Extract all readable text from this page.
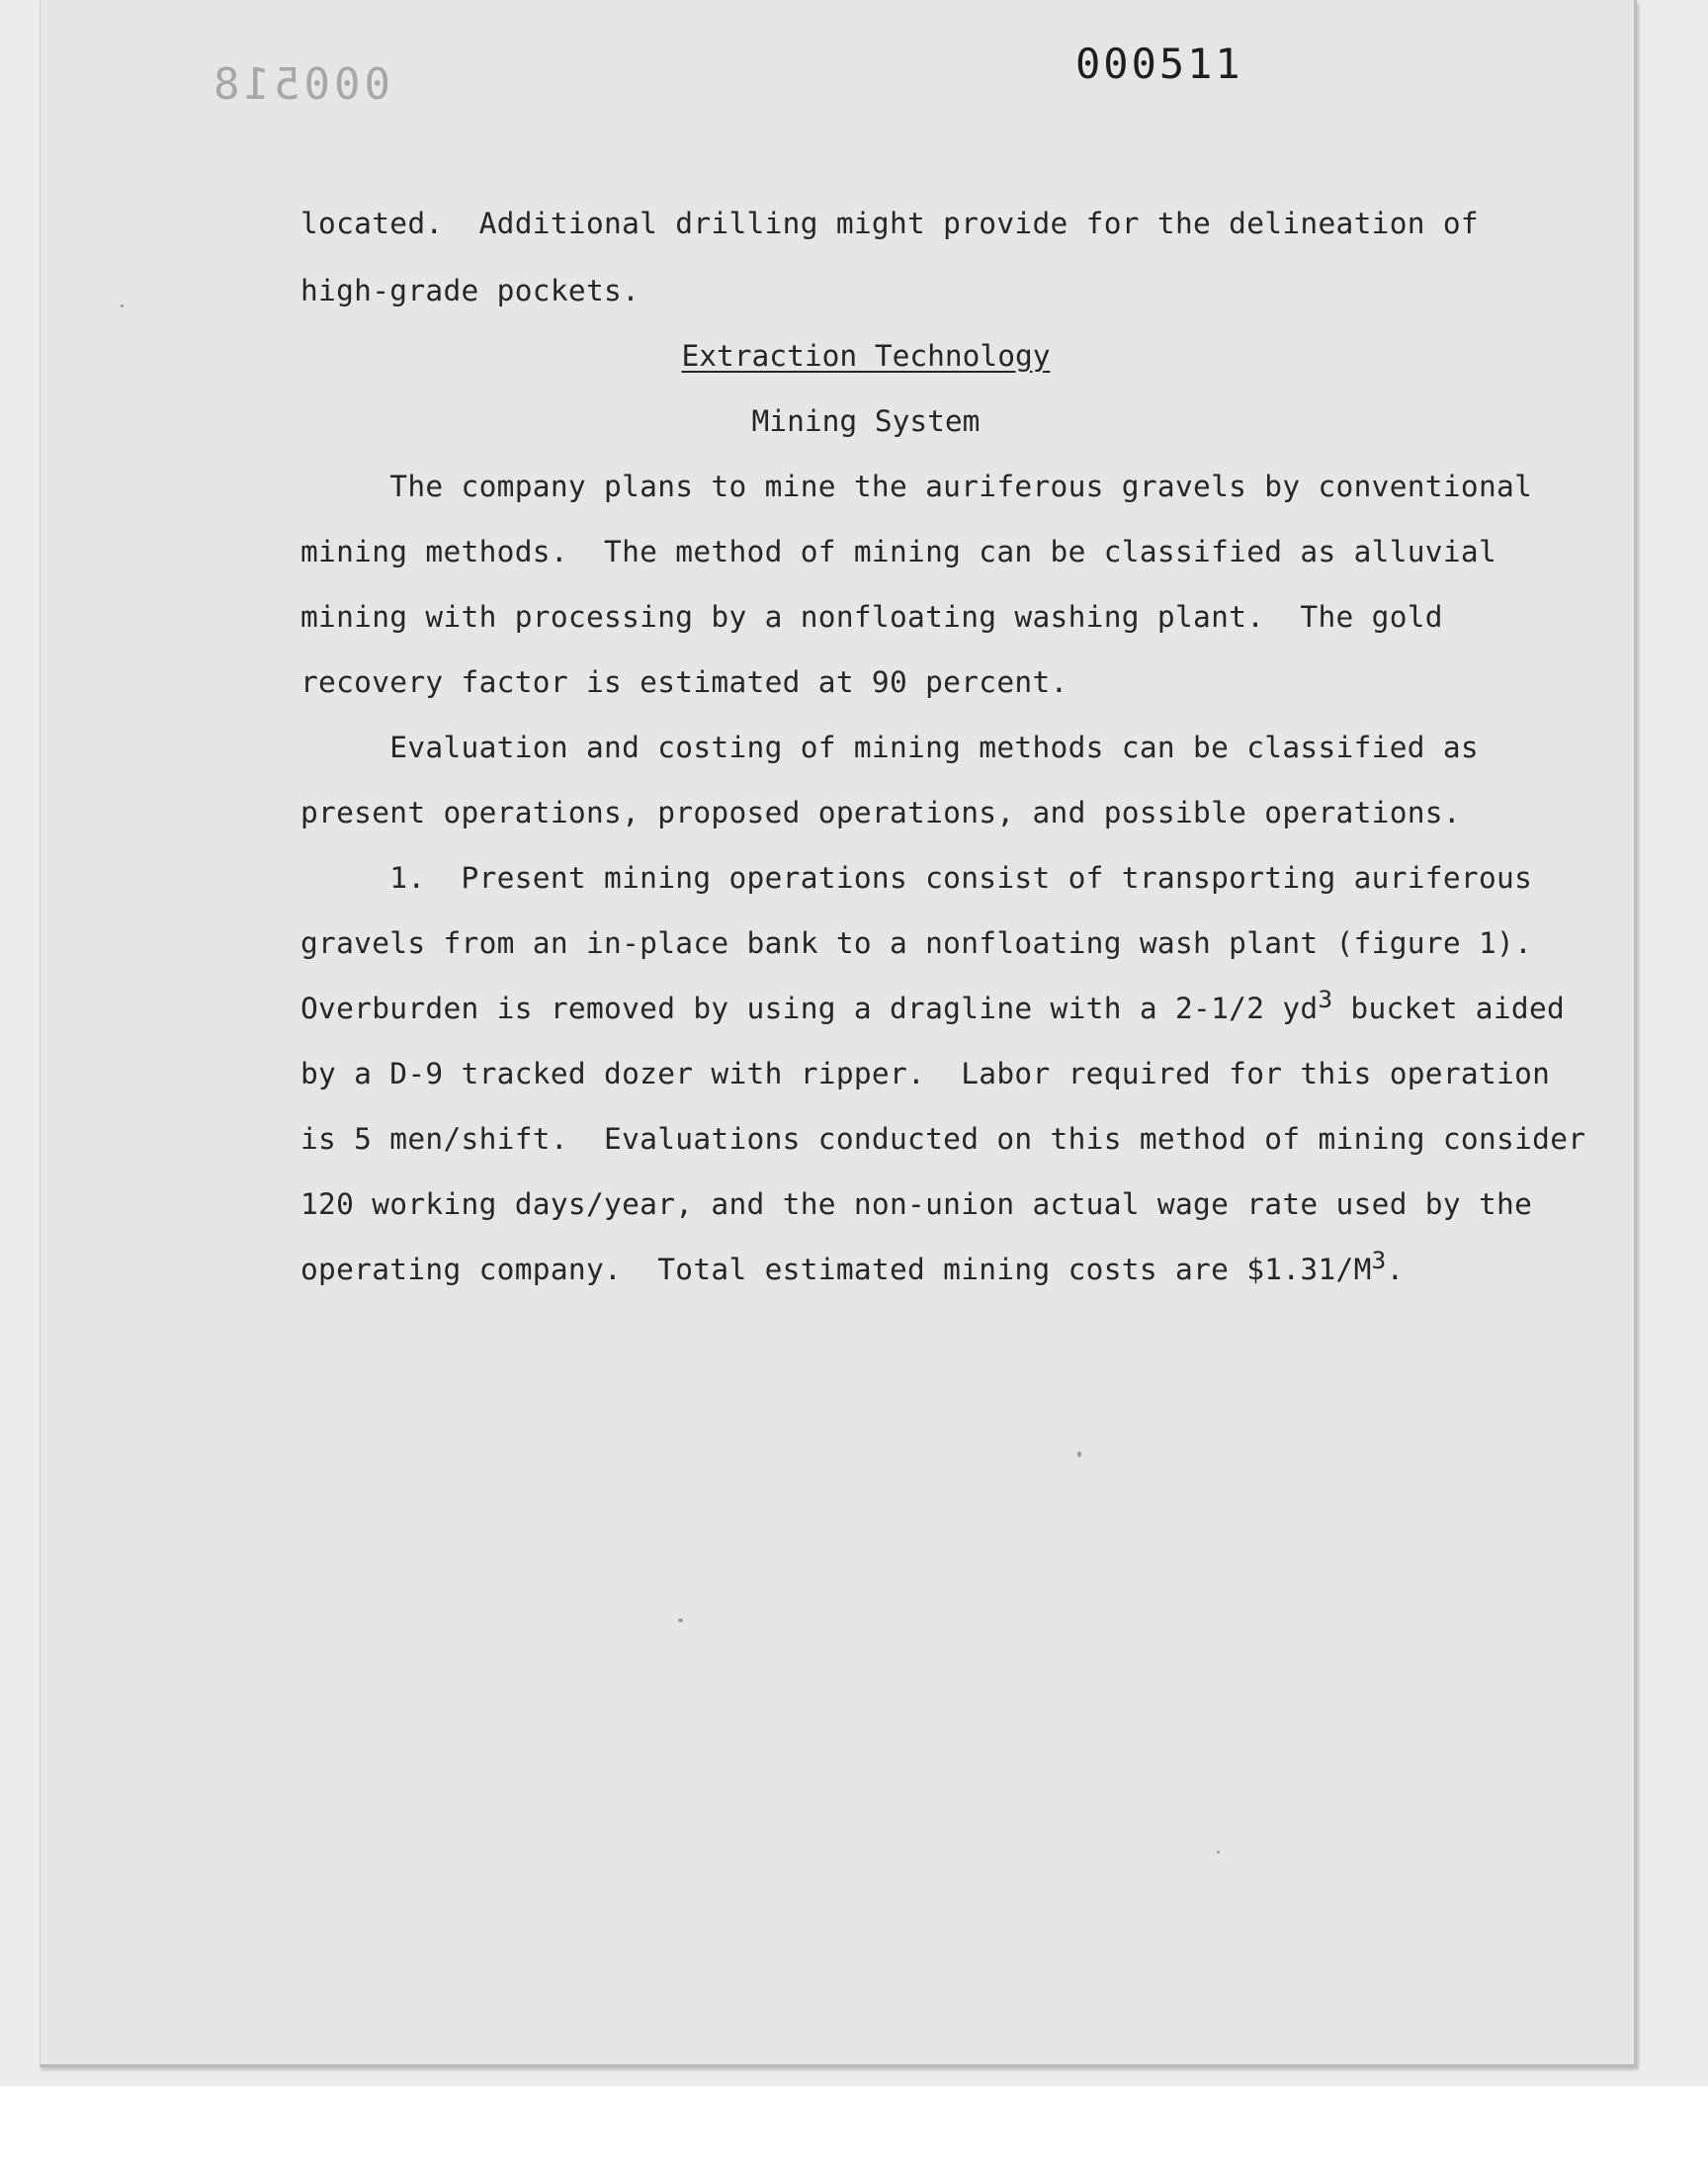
000518	000511
located.  Additional drilling might provide for the delineation of
high-grade pockets.
Extraction Technology
Mining System
The company plans to mine the auriferous gravels by conventional
mining methods.  The method of mining can be classified as alluvial
mining with processing by a nonfloating washing plant.  The gold
recovery factor is estimated at 90 percent.
Evaluation and costing of mining methods can be classified as
present operations, proposed operations, and possible operations.
1.  Present mining operations consist of transporting auriferous
gravels from an in-place bank to a nonfloating wash plant (figure 1).
Overburden is removed by using a dragline with a 2-1/2 $yd^3$ bucket aided
by a D-9 tracked dozer with ripper.  Labor required for this operation
is 5 men/shift.  Evaluations conducted on this method of mining consider
120 working days/year, and the non-union actual wage rate used by the
operating company.  Total estimated mining costs are $\$1.31/M^3$.
